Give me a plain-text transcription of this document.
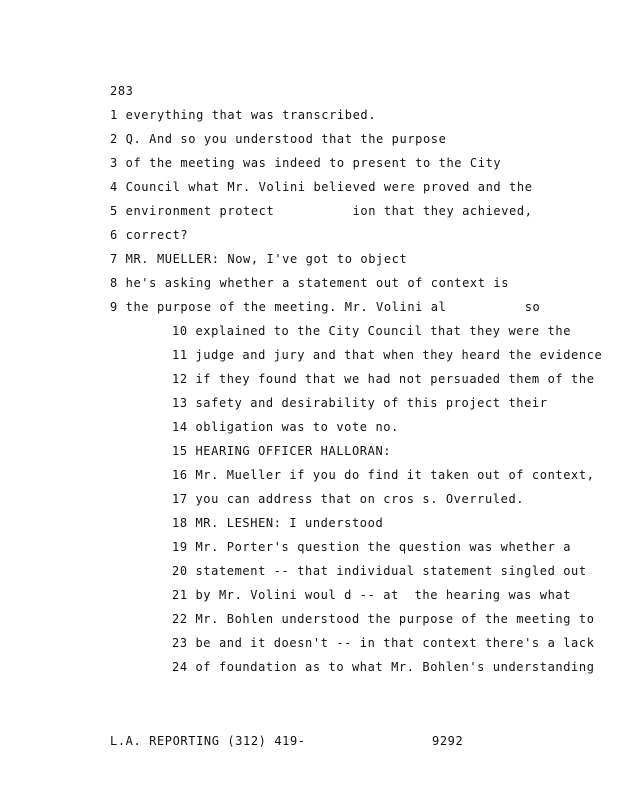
283
1 everything that was transcribed.
2 Q. And so you understood that the purpose
3 of the meeting was indeed to present to the City
4 Council what Mr. Volini believed were proved and the
5 environment protect          ion that they achieved,
6 correct?
7 MR. MUELLER: Now, I've got to object
8 he's asking whether a statement out of context is
9 the purpose of the meeting. Mr. Volini al          so
10 explained to the City Council that they were the
11 judge and jury and that when they heard the evidence
12 if they found that we had not persuaded them of the
13 safety and desirability of this project their
14 obligation was to vote no.
15 HEARING OFFICER HALLORAN:
16 Mr. Mueller if you do find it taken out of context,
17 you can address that on cros s. Overruled.
18 MR. LESHEN: I understood
19 Mr. Porter's question the question was whether a
20 statement -- that individual statement singled out
21 by Mr. Volini woul d -- at  the hearing was what
22 Mr. Bohlen understood the purpose of the meeting to
23 be and it doesn't -- in that context there's a lack
24 of foundation as to what Mr. Bohlen's understanding
L.A. REPORTING (312) 419-	9292
